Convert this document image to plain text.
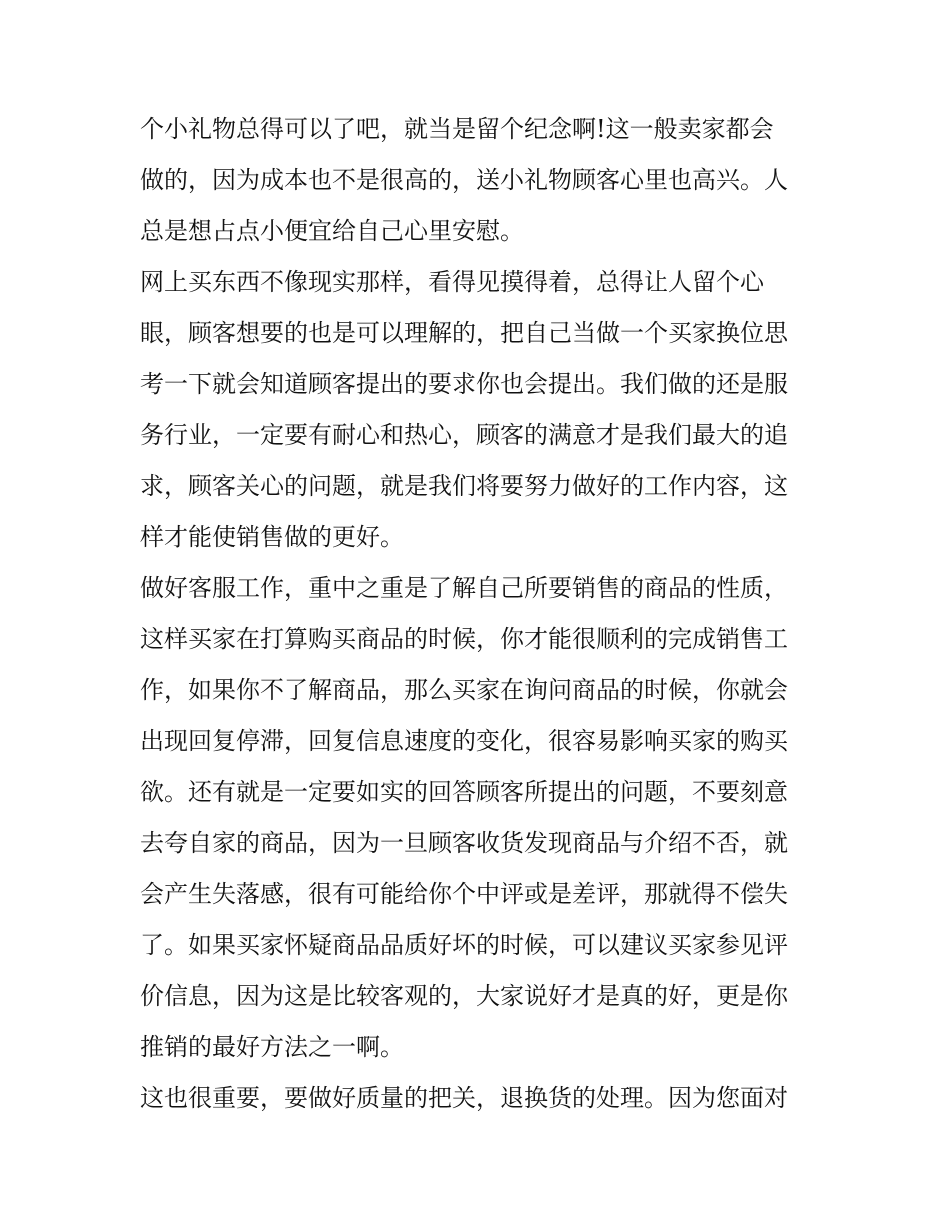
个小礼物总得可以了吧，就当是留个纪念啊!这一般卖家都会
做的，因为成本也不是很高的，送小礼物顾客心里也高兴。人
总是想占点小便宜给自己心里安慰。
网上买东西不像现实那样，看得见摸得着，总得让人留个心
眼，顾客想要的也是可以理解的，把自己当做一个买家换位思
考一下就会知道顾客提出的要求你也会提出。我们做的还是服
务行业，一定要有耐心和热心，顾客的满意才是我们最大的追
求，顾客关心的问题，就是我们将要努力做好的工作内容，这
样才能使销售做的更好。
做好客服工作，重中之重是了解自己所要销售的商品的性质，
这样买家在打算购买商品的时候，你才能很顺利的完成销售工
作，如果你不了解商品，那么买家在询问商品的时候，你就会
出现回复停滞，回复信息速度的变化，很容易影响买家的购买
欲。还有就是一定要如实的回答顾客所提出的问题，不要刻意
去夸自家的商品，因为一旦顾客收货发现商品与介绍不否，就
会产生失落感，很有可能给你个中评或是差评，那就得不偿失
了。如果买家怀疑商品品质好坏的时候，可以建议买家参见评
价信息，因为这是比较客观的，大家说好才是真的好，更是你
推销的最好方法之一啊。
这也很重要，要做好质量的把关，退换货的处理。因为您面对
